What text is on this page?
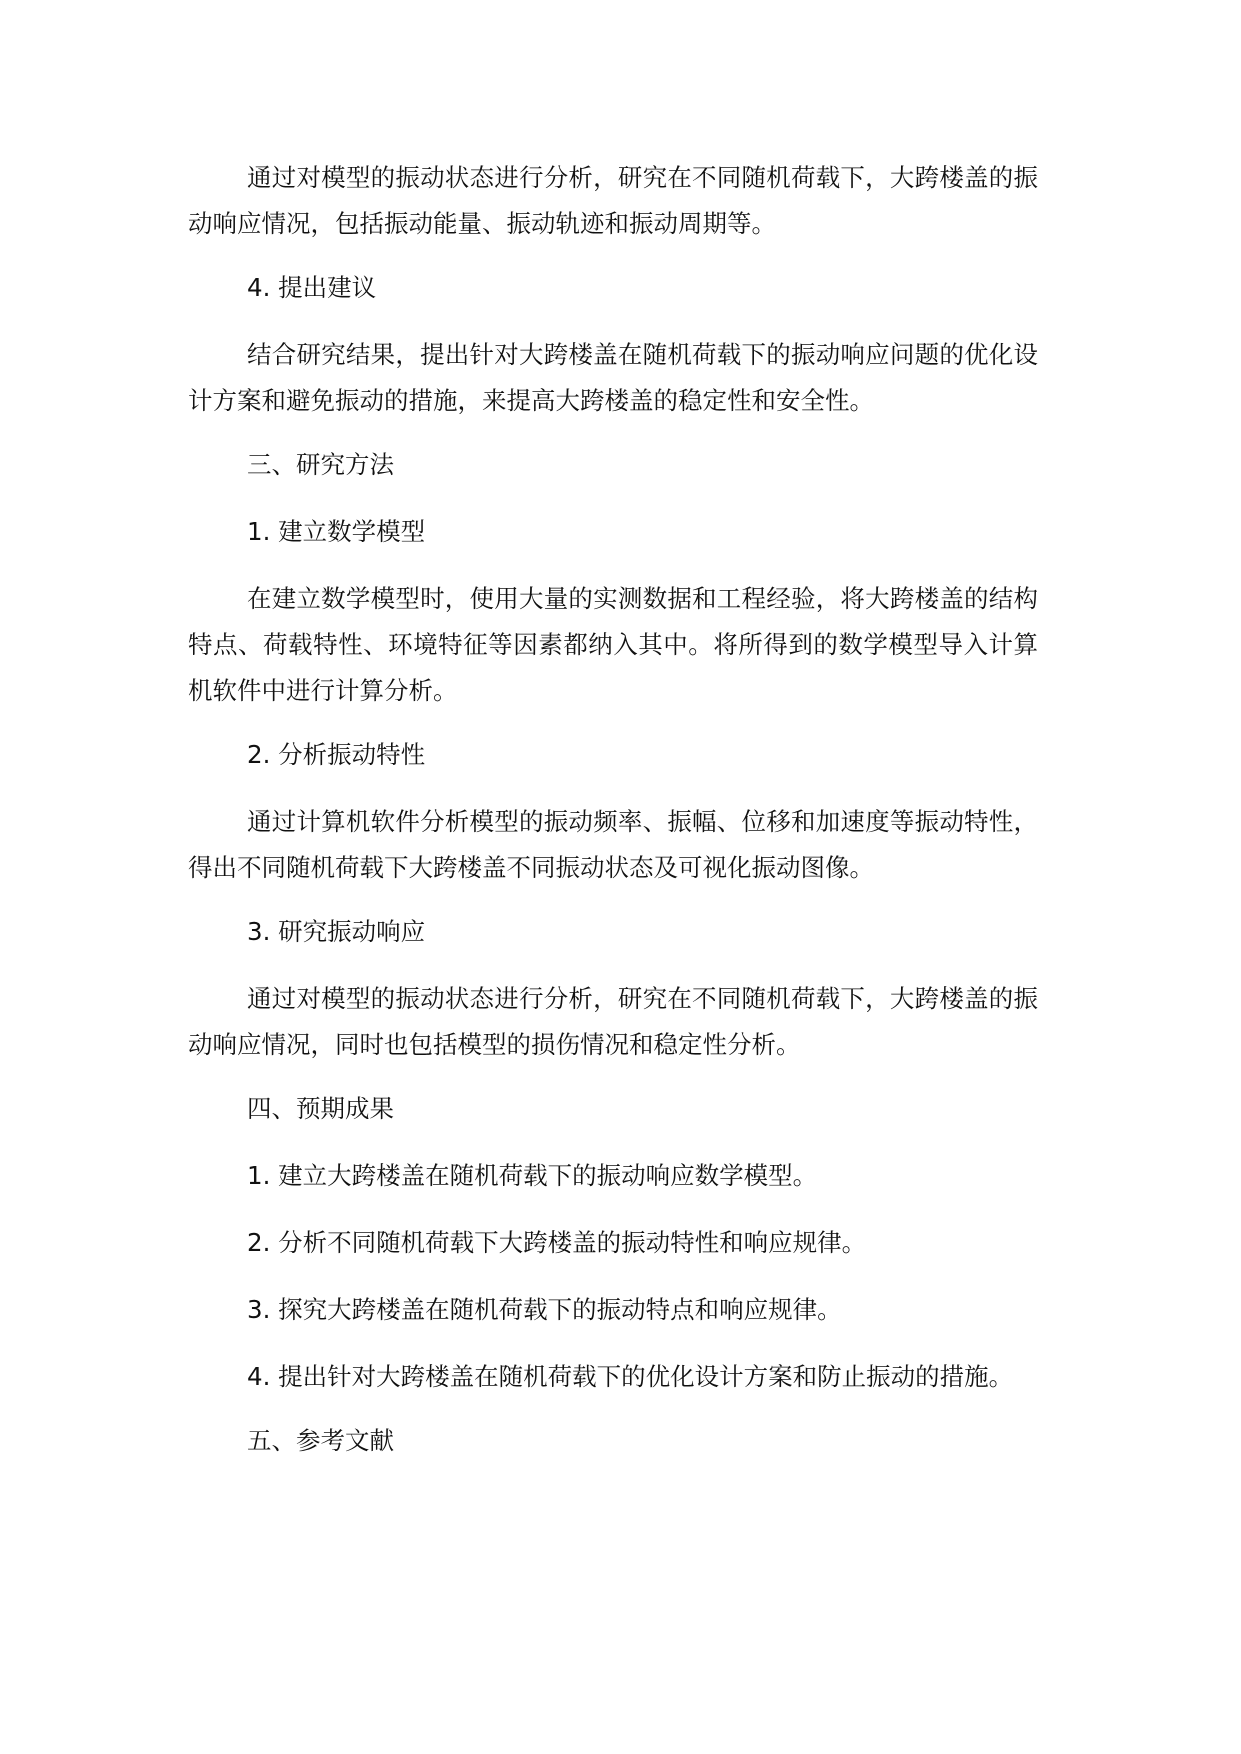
通过对模型的振动状态进行分析，研究在不同随机荷载下，大跨楼盖的振动响应情况，包括振动能量、振动轨迹和振动周期等。

4. 提出建议

结合研究结果，提出针对大跨楼盖在随机荷载下的振动响应问题的优化设计方案和避免振动的措施，来提高大跨楼盖的稳定性和安全性。

三、研究方法

1. 建立数学模型

在建立数学模型时，使用大量的实测数据和工程经验，将大跨楼盖的结构特点、荷载特性、环境特征等因素都纳入其中。将所得到的数学模型导入计算机软件中进行计算分析。

2. 分析振动特性

通过计算机软件分析模型的振动频率、振幅、位移和加速度等振动特性，得出不同随机荷载下大跨楼盖不同振动状态及可视化振动图像。

3. 研究振动响应

通过对模型的振动状态进行分析，研究在不同随机荷载下，大跨楼盖的振动响应情况，同时也包括模型的损伤情况和稳定性分析。

四、预期成果

1. 建立大跨楼盖在随机荷载下的振动响应数学模型。

2. 分析不同随机荷载下大跨楼盖的振动特性和响应规律。

3. 探究大跨楼盖在随机荷载下的振动特点和响应规律。

4. 提出针对大跨楼盖在随机荷载下的优化设计方案和防止振动的措施。

五、参考文献
